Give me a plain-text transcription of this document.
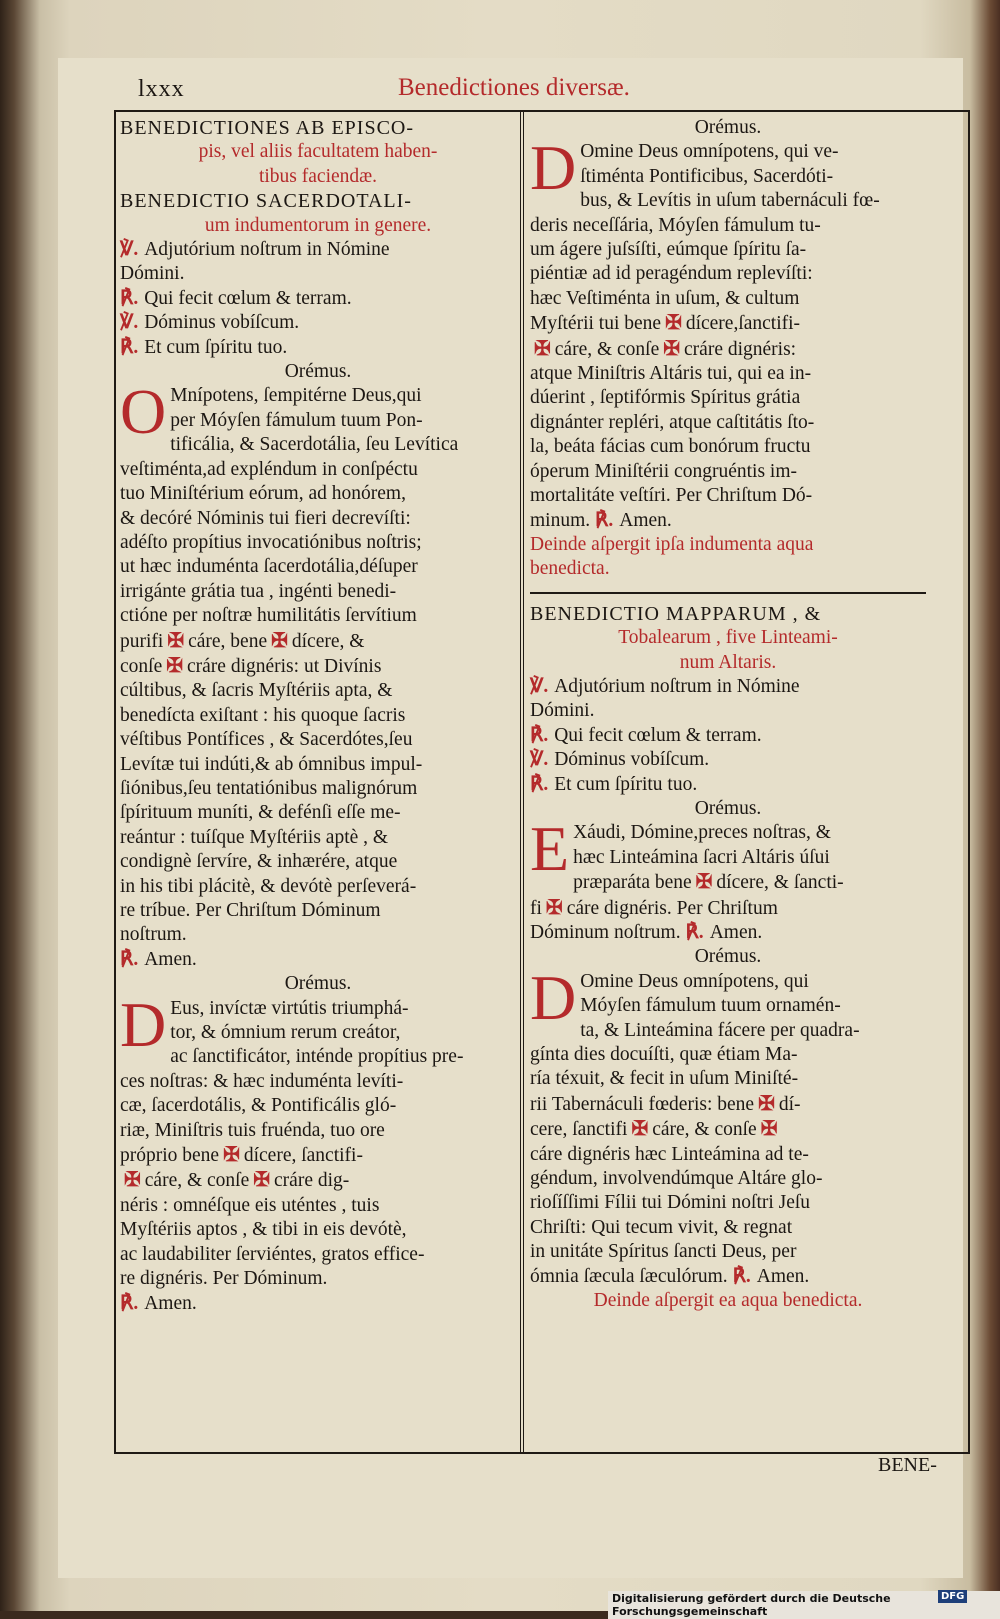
lxxx	Benedictiones diversæ.
BENEDICTIONES AB EPISCO-
pis, vel aliis facultatem haben-
tibus faciendæ.
BENEDICTIO SACERDOTALI-
um indumentorum in genere.
℣. Adjutórium noſtrum in Nómine
Dómini.
℟. Qui fecit cœlum & terram.
℣. Dóminus vobíſcum.
℟. Et cum ſpíritu tuo.
Orémus.
O Mnípotens, ſempitérne Deus,qui
per Móyſen fámulum tuum Pon-
tificália, & Sacerdotália, ſeu Levítica
veſtiménta,ad expléndum in conſpéctu
tuo Miniſtérium eórum, ad honórem,
& decóré Nóminis tui fieri decrevíſti:
adéſto propítius invocatiónibus noſtris;
ut hæc induménta ſacerdotália,déſuper
irrigánte grátia tua , ingénti benedi-
ctióne per noſtræ humilitátis ſervítium
purifi ✠ cáre, bene ✠ dícere, &
conſe ✠ cráre dignéris: ut Divínis
cúltibus, & ſacris Myſtériis apta, &
benedícta exiſtant : his quoque ſacris
véſtibus Pontífices , & Sacerdótes,ſeu
Levítæ tui indúti,& ab ómnibus impul-
ſiónibus,ſeu tentatiónibus malignórum
ſpírituum muníti, & defénſi eſſe me-
reántur : tuíſque Myſtériis aptè , &
condignè ſervíre, & inhærére, atque
in his tibi plácitè, & devótè perſeverá-
re tríbue. Per Chriſtum Dóminum
noſtrum.
℟. Amen.
Orémus.
D Eus, invíctæ virtútis triumphá-
tor, & ómnium rerum creátor,
ac ſanctificátor, inténde propítius pre-
ces noſtras: & hæc induménta levíti-
cæ, ſacerdotális, & Pontificális gló-
riæ, Miniſtris tuis fruénda, tuo ore
próprio bene ✠ dícere, ſanctifi-
✠ cáre, & conſe ✠ cráre dig-
néris : omnéſque eis uténtes , tuis
Myſtériis aptos , & tibi in eis devótè,
ac laudabiliter ſerviéntes, gratos effice-
re dignéris. Per Dóminum.
℟. Amen.
Orémus.
D Omine Deus omnípotens, qui ve-
ſtiménta Pontificibus, Sacerdóti-
bus, & Levítis in uſum tabernáculi fœ-
deris neceſſária, Móyſen fámulum tu-
um ágere juſsíſti, eúmque ſpíritu ſa-
piéntiæ ad id peragéndum replevíſti:
hæc Veſtiménta in uſum, & cultum
Myſtérii tui bene ✠ dícere,ſanctifi-
✠ cáre, & conſe ✠ cráre dignéris:
atque Miniſtris Altáris tui, qui ea in-
dúerint , ſeptifórmis Spíritus grátia
dignánter repléri, atque caſtitátis ſto-
la, beáta fácias cum bonórum fructu
óperum Miniſtérii congruéntis im-
mortalitáte veſtíri. Per Chriſtum Dó-
minum. ℟. Amen.
Deinde aſpergit ipſa indumenta aqua
benedicta.
BENEDICTIO MAPPARUM , &
Tobalearum , five Linteami-
num Altaris.
℣. Adjutórium noſtrum in Nómine
Dómini.
℟. Qui fecit cœlum & terram.
℣. Dóminus vobíſcum.
℟. Et cum ſpíritu tuo.
Orémus.
E Xáudi, Dómine,preces noſtras, &
hæc Linteámina ſacri Altáris úſui
præparáta bene ✠ dícere, & ſancti-
fi ✠ cáre dignéris. Per Chriſtum
Dóminum noſtrum. ℟. Amen.
Orémus.
D Omine Deus omnípotens, qui
Móyſen fámulum tuum ornamén-
ta, & Linteámina fácere per quadra-
gínta dies docuíſti, quæ étiam Ma-
ría téxuit, & fecit in uſum Miniſté-
rii Tabernáculi fœderis: bene ✠ dí-
cere, ſanctifi ✠ cáre, & conſe ✠
cáre dignéris hæc Linteámina ad te-
géndum, involvendúmque Altáre glo-
rioſíſſimi Fílii tui Dómini noſtri Jeſu
Chriſti: Qui tecum vivit, & regnat
in unitáte Spíritus ſancti Deus, per
ómnia ſæcula ſæculórum. ℟. Amen.
Deinde aſpergit ea aqua benedicta.
BENE-
Digitalisierung gefördert durch die Deutsche Forschungsgemeinschaft
DFG
